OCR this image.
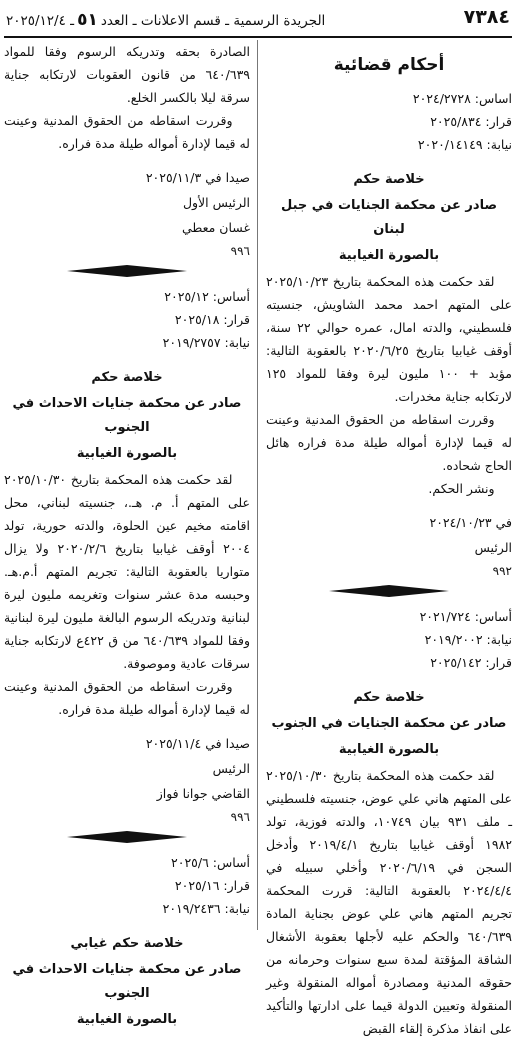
٧٣٨٤
الجريدة الرسمية ـ قسم الاعلانات ـ العدد٥١ـ ٢٠٢٥/١٢/٤
أحكام قضائية

اساس: ٢٠٢٤/٢٧٢٨

قرار: ٢٠٢٥/٨٣٤

نيابة: ٢٠٢٠/١٤١٤٩

خلاصة حكم
صادر عن محكمة الجنايات في جبل لبنان
بالصورة الغيابية

لقد حكمت هذه المحكمة بتاريخ ٢٠٢٥/١٠/٢٣ على المتهم احمد محمد الشاويش، جنسيته فلسطيني، والدته امال، عمره حوالي ٢٢ سنة، أوقف غيابيا بتاريخ ٢٠٢٠/٦/٢٥ بالعقوبة التالية: مؤبد + ١٠٠ مليون ليرة وفقا للمواد ١٢٥ لارتكابه جناية مخدرات.

وقررت اسقاطه من الحقوق المدنية وعينت له قيما لإدارة أمواله طيلة مدة فراره هائل الحاج شحاده.

ونشر الحكم.

في ٢٠٢٤/١٠/٢٣

الرئيس

٩٩٢

أساس: ٢٠٢١/٧٢٤

نيابة: ٢٠١٩/٢٠٠٢

قرار: ٢٠٢٥/١٤٢

خلاصة حكم
صادر عن محكمة الجنايات في الجنوب
بالصورة الغيابية

لقد حكمت هذه المحكمة بتاريخ ٢٠٢٥/١٠/٣٠ على المتهم هاني علي عوض، جنسيته فلسطيني ـ ملف ٩٣١ بيان ١٠٧٤٩، والدته فوزية، تولد ١٩٨٢ أوقف غيابيا بتاريخ ٢٠١٩/٤/١ وأدخل السجن في ٢٠٢٠/٦/١٩ وأخلي سبيله في ٢٠٢٤/٤/٤ بالعقوبة التالية: قررت المحكمة تجريم المتهم هاني علي عوض بجناية المادة ٦٤٠/٦٣٩ والحكم عليه لأجلها بعقوبة الأشغال الشاقة المؤقتة لمدة سبع سنوات وحرمانه من حقوقه المدنية ومصادرة أمواله المنقولة وغير المنقولة وتعيين الدولة قيما على ادارتها والتأكيد على انفاذ مذكرة إلقاء القبض

الصادرة بحقه وتدريكه الرسوم وفقا للمواد ٦٤٠/٦٣٩ من قانون العقوبات لارتكابه جناية سرقة ليلا بالكسر الخلع.

وقررت اسقاطه من الحقوق المدنية وعينت له قيما لإدارة أمواله طيلة مدة فراره.

صيدا في ٢٠٢٥/١١/٣

الرئيس الأول

غسان معطي

٩٩٦

أساس: ٢٠٢٥/١٢

قرار: ٢٠٢٥/١٨

نيابة: ٢٠١٩/٢٧٥٧

خلاصة حكم
صادر عن محكمة جنايات الاحداث في الجنوب
بالصورة الغيابية

لقد حكمت هذه المحكمة بتاريخ ٢٠٢٥/١٠/٣٠ على المتهم أ. م. هـ.، جنسيته لبناني، محل اقامته مخيم عين الحلوة، والدته حورية، تولد ٢٠٠٤ أوقف غيابيا بتاريخ ٢٠٢٠/٢/٦ ولا يزال متواريا بالعقوبة التالية: تجريم المتهم أ.م.هـ. وحبسه مدة عشر سنوات وتغريمه مليون ليرة لبنانية وتدريكه الرسوم البالغة مليون ليرة لبنانية وفقا للمواد ٦٤٠/٦٣٩ من ق ٤٢٢ع لارتكابه جناية سرقات عادية وموصوفة.

وقررت اسقاطه من الحقوق المدنية وعينت له قيما لإدارة أمواله طيلة مدة فراره.

صيدا في ٢٠٢٥/١١/٤

الرئيس

القاضي جوانا فواز

٩٩٦

أساس: ٢٠٢٥/٦

قرار: ٢٠٢٥/١٦

نيابة: ٢٠١٩/٢٤٣٦

خلاصة حكم غيابي
صادر عن محكمة جنايات الاحداث في الجنوب
بالصورة الغيابية
